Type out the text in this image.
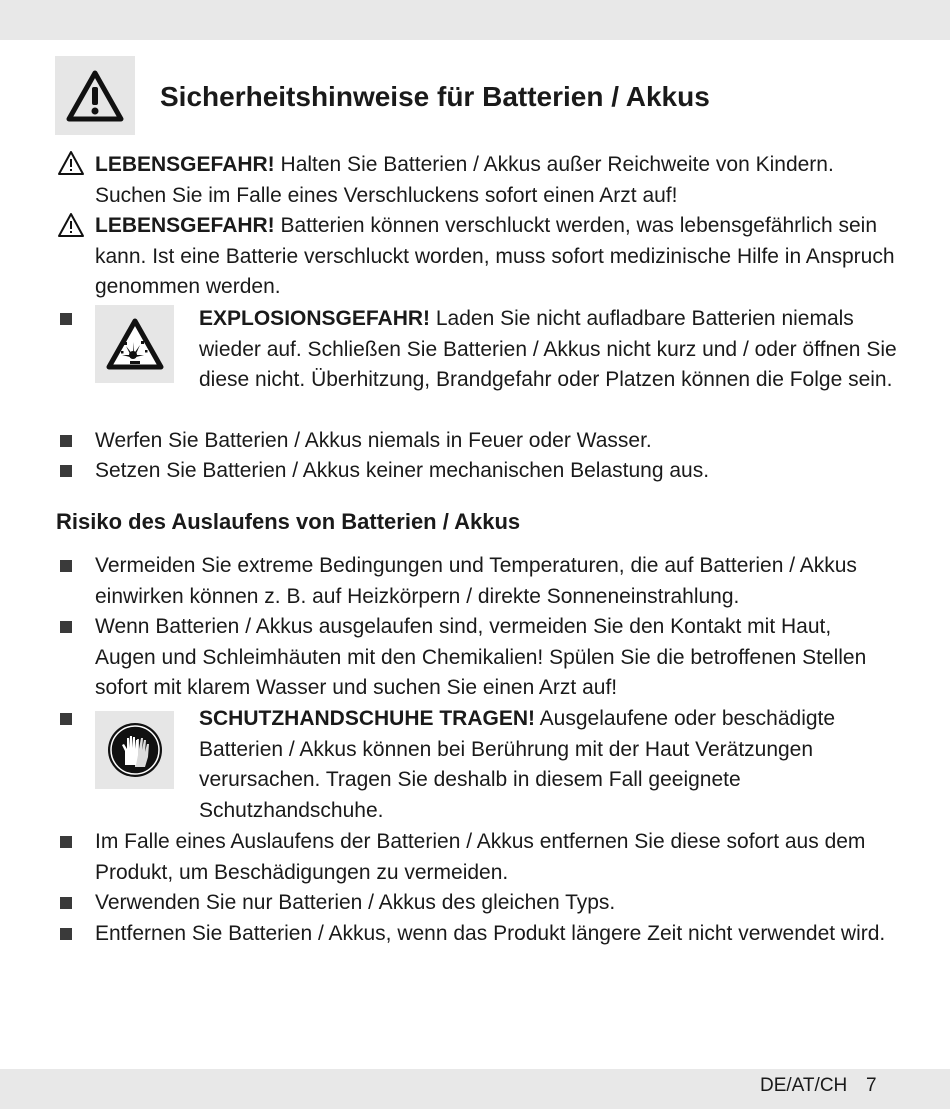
Sicherheitshinweise für Batterien / Akkus

LEBENSGEFAHR! Halten Sie Batterien / Akkus außer Reichweite von Kindern. Suchen Sie im Falle eines Verschluckens sofort einen Arzt auf!

LEBENSGEFAHR! Batterien können verschluckt werden, was lebensgefährlich sein kann. Ist eine Batterie verschluckt worden, muss sofort medizinische Hilfe in Anspruch genommen werden.

EXPLOSIONSGEFAHR! Laden Sie nicht aufladbare Batterien niemals wieder auf. Schließen Sie Batterien / Akkus nicht kurz und / oder öffnen Sie diese nicht. Überhitzung, Brandgefahr oder Platzen können die Folge sein.

Werfen Sie Batterien / Akkus niemals in Feuer oder Wasser.

Setzen Sie Batterien / Akkus keiner mechanischen Belastung aus.

Risiko des Auslaufens von Batterien / Akkus

Vermeiden Sie extreme Bedingungen und Temperaturen, die auf Batterien / Akkus einwirken können z. B. auf Heizkörpern / direkte Sonneneinstrahlung.

Wenn Batterien / Akkus ausgelaufen sind, vermeiden Sie den Kontakt mit Haut, Augen und Schleimhäuten mit den Chemikalien! Spülen Sie die betroffenen Stellen sofort mit klarem Wasser und suchen Sie einen Arzt auf!

SCHUTZHANDSCHUHE TRAGEN! Ausgelaufene oder beschädigte Batterien / Akkus können bei Berührung mit der Haut Verätzungen verursachen. Tragen Sie deshalb in diesem Fall geeignete Schutzhandschuhe.

Im Falle eines Auslaufens der Batterien / Akkus entfernen Sie diese sofort aus dem Produkt, um Beschädigungen zu vermeiden.

Verwenden Sie nur Batterien / Akkus des gleichen Typs.

Entfernen Sie Batterien / Akkus, wenn das Produkt längere Zeit nicht verwendet wird.

DE/AT/CH 7
